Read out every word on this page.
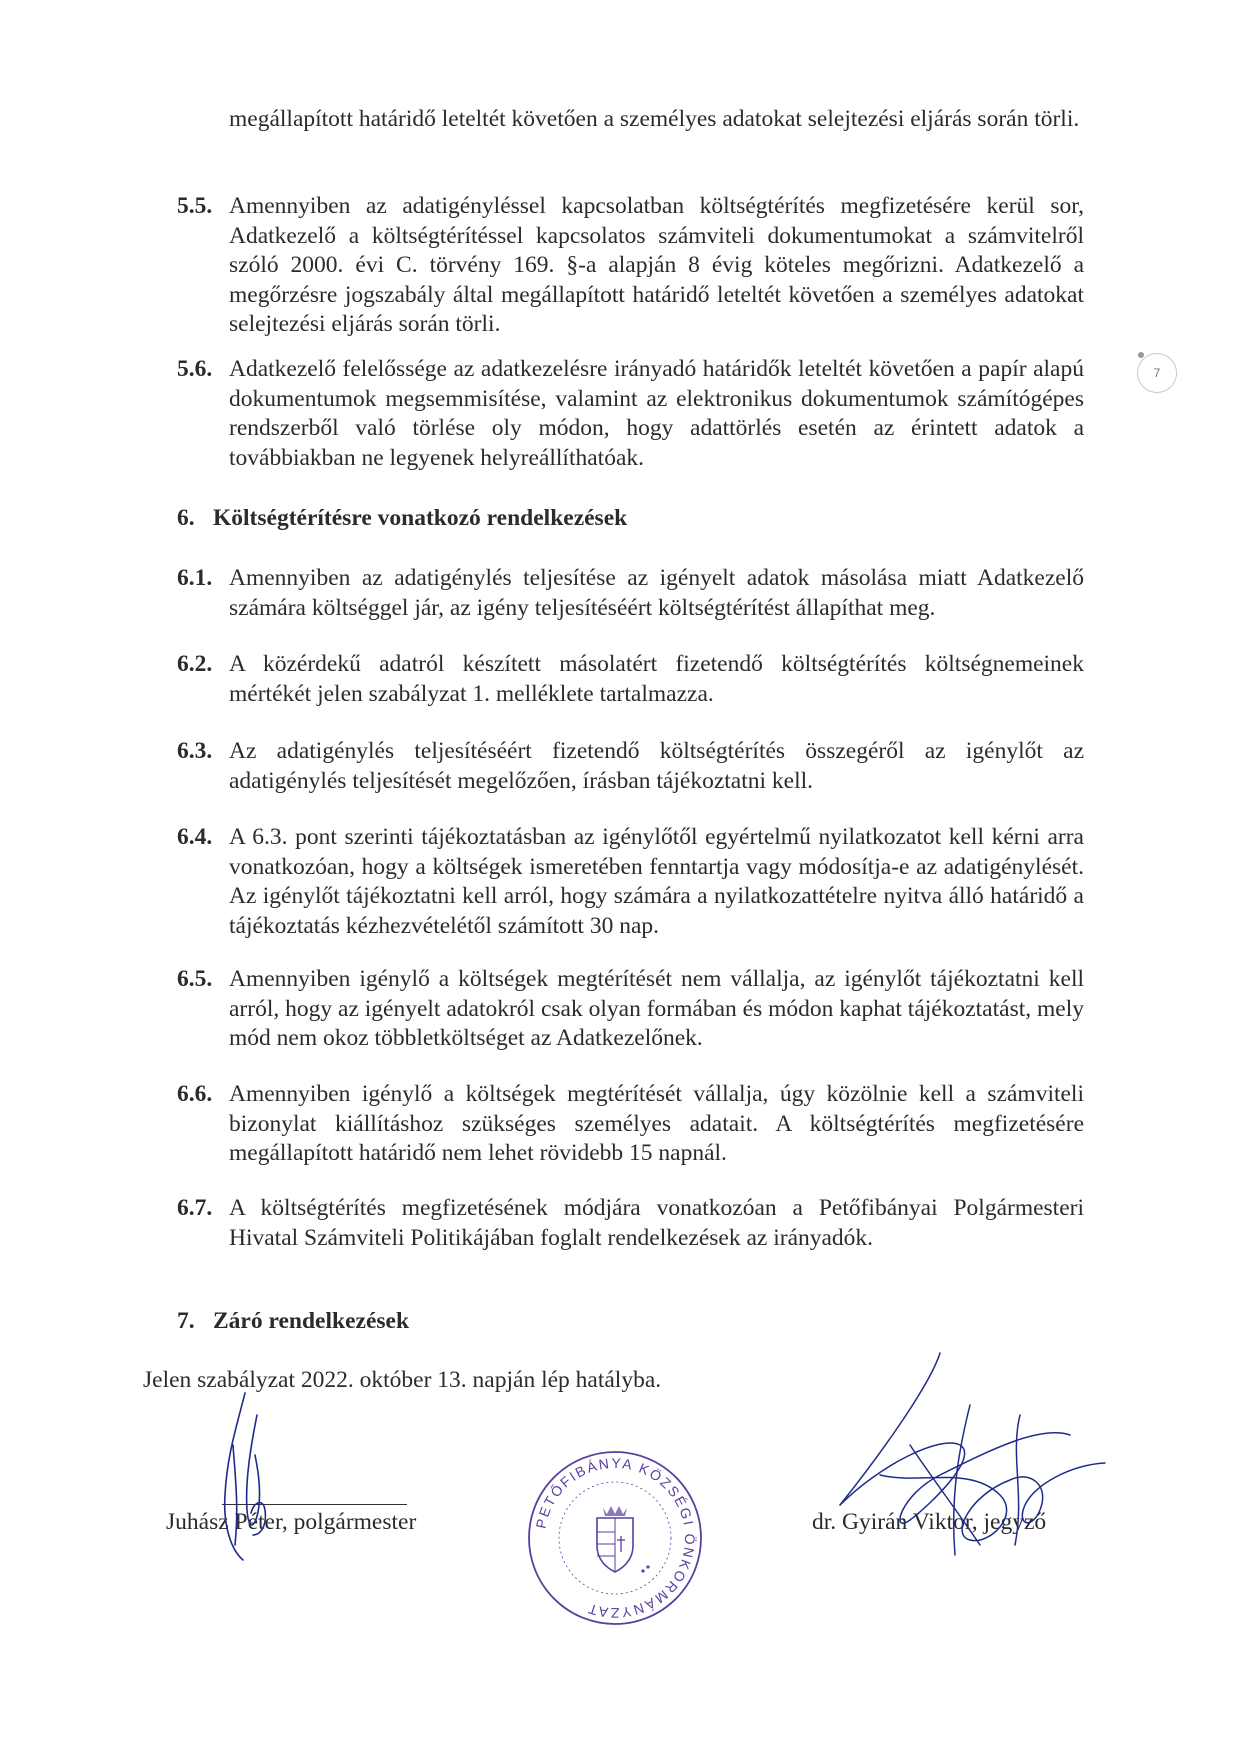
7
megállapított határidő leteltét követően a személyes adatokat selejtezési eljárás során törli.
5.5. Amennyiben az adatigényléssel kapcsolatban költségtérítés megfizetésére kerül sor, Adatkezelő a költségtérítéssel kapcsolatos számviteli dokumentumokat a számvitelről szóló 2000. évi C. törvény 169. §-a alapján 8 évig köteles megőrizni. Adatkezelő a megőrzésre jogszabály által megállapított határidő leteltét követően a személyes adatokat selejtezési eljárás során törli.
5.6. Adatkezelő felelőssége az adatkezelésre irányadó határidők leteltét követően a papír alapú dokumentumok megsemmisítése, valamint az elektronikus dokumentumok számítógépes rendszerből való törlése oly módon, hogy adattörlés esetén az érintett adatok a továbbiakban ne legyenek helyreállíthatóak.
6. Költségtérítésre vonatkozó rendelkezések
6.1. Amennyiben az adatigénylés teljesítése az igényelt adatok másolása miatt Adatkezelő számára költséggel jár, az igény teljesítéséért költségtérítést állapíthat meg.
6.2. A közérdekű adatról készített másolatért fizetendő költségtérítés költségnemeinek mértékét jelen szabályzat 1. melléklete tartalmazza.
6.3. Az adatigénylés teljesítéséért fizetendő költségtérítés összegéről az igénylőt az adatigénylés teljesítését megelőzően, írásban tájékoztatni kell.
6.4. A 6.3. pont szerinti tájékoztatásban az igénylőtől egyértelmű nyilatkozatot kell kérni arra vonatkozóan, hogy a költségek ismeretében fenntartja vagy módosítja-e az adatigénylését. Az igénylőt tájékoztatni kell arról, hogy számára a nyilatkozattételre nyitva álló határidő a tájékoztatás kézhezvételétől számított 30 nap.
6.5. Amennyiben igénylő a költségek megtérítését nem vállalja, az igénylőt tájékoztatni kell arról, hogy az igényelt adatokról csak olyan formában és módon kaphat tájékoztatást, mely mód nem okoz többletköltséget az Adatkezelőnek.
6.6. Amennyiben igénylő a költségek megtérítését vállalja, úgy közölnie kell a számviteli bizonylat kiállításhoz szükséges személyes adatait. A költségtérítés megfizetésére megállapított határidő nem lehet rövidebb 15 napnál.
6.7. A költségtérítés megfizetésének módjára vonatkozóan a Petőfibányai Polgármesteri Hivatal Számviteli Politikájában foglalt rendelkezések az irányadók.
7. Záró rendelkezések
Jelen szabályzat 2022. október 13. napján lép hatályba.
Juhász Péter, polgármester	dr. Gyirán Viktor, jegyző
PETŐFIBÁNYA KÖZSÉGI ÖNKORMÁNYZAT
